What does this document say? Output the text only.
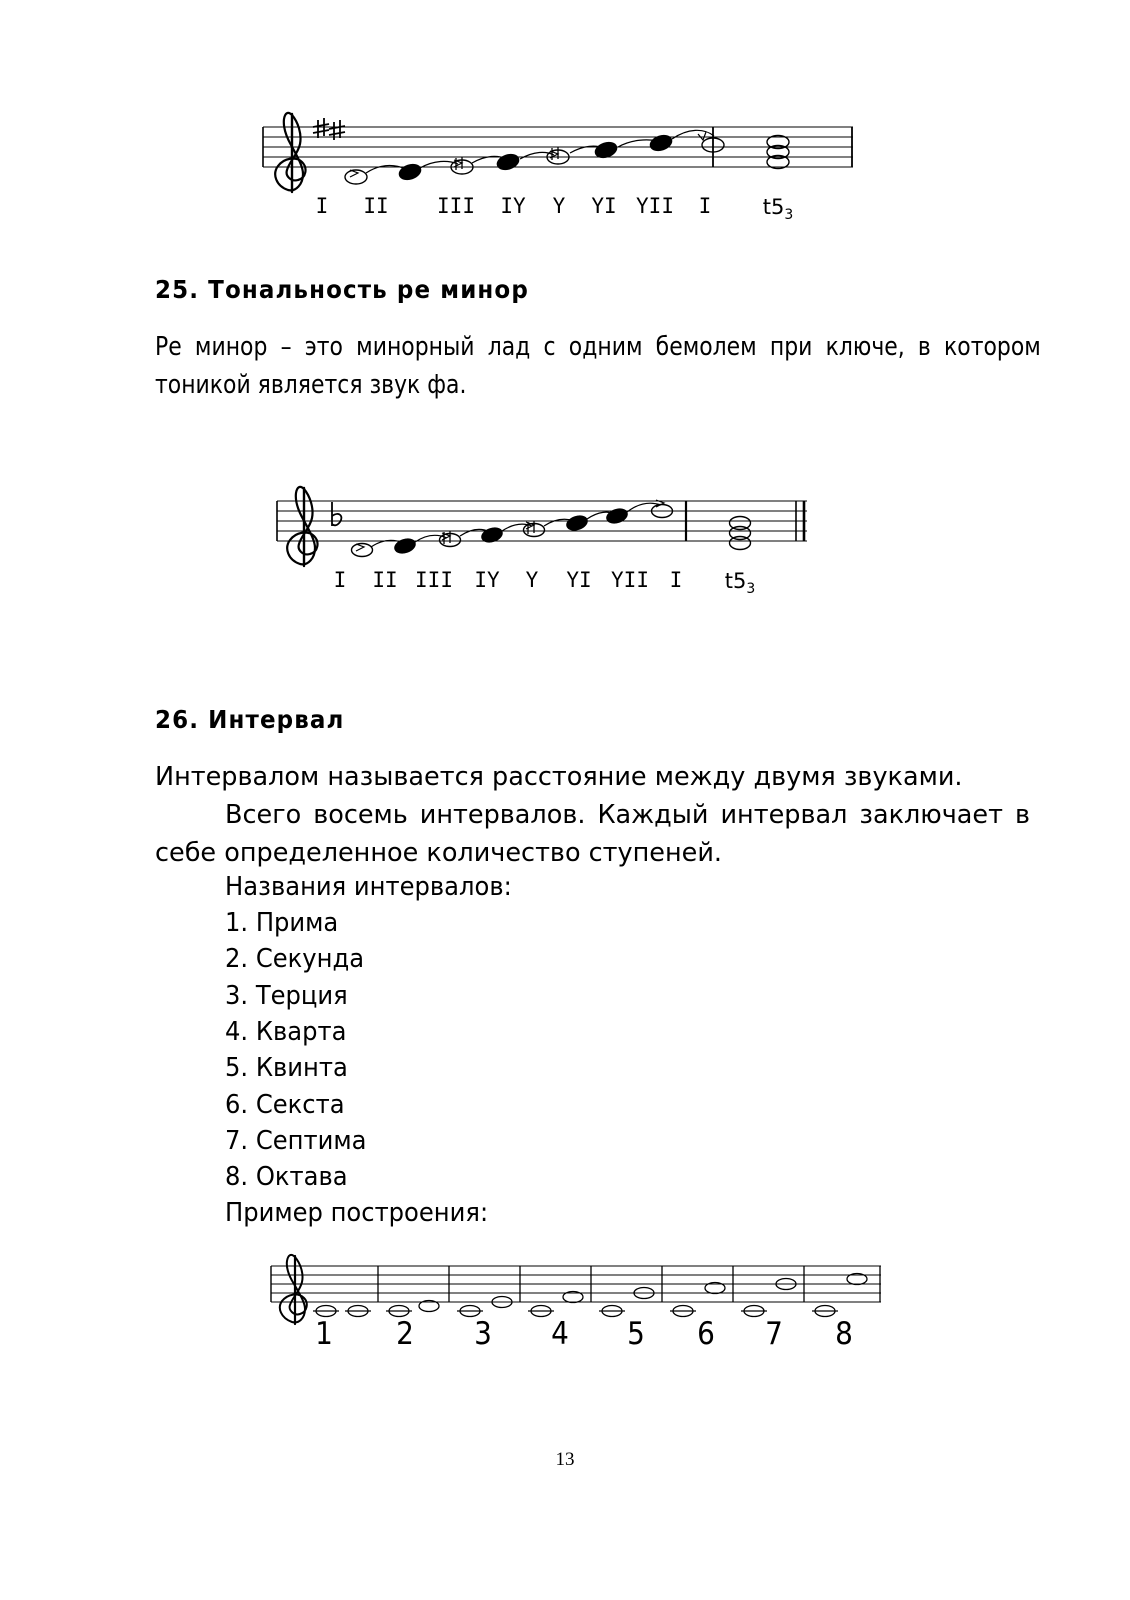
I II III IY Y YI YII I $t5_3$
25. Тональность ре минор
Ре минор – это минорный лад с одним бемолем при ключе, в котором тоникой является звук фа.
I II III IY Y YI YII I $t5_3$
26. Интервал
Интервалом называется расстояние между двумя звуками.
Всего восемь интервалов. Каждый интервал заключает в себе определенное количество ступеней.
Названия интервалов:
1. Прима
2. Секунда
3. Терция
4. Кварта
5. Квинта
6. Секста
7. Септима
8. Октава
Пример построения:
1 2 3 4 5 6 7 8
13
